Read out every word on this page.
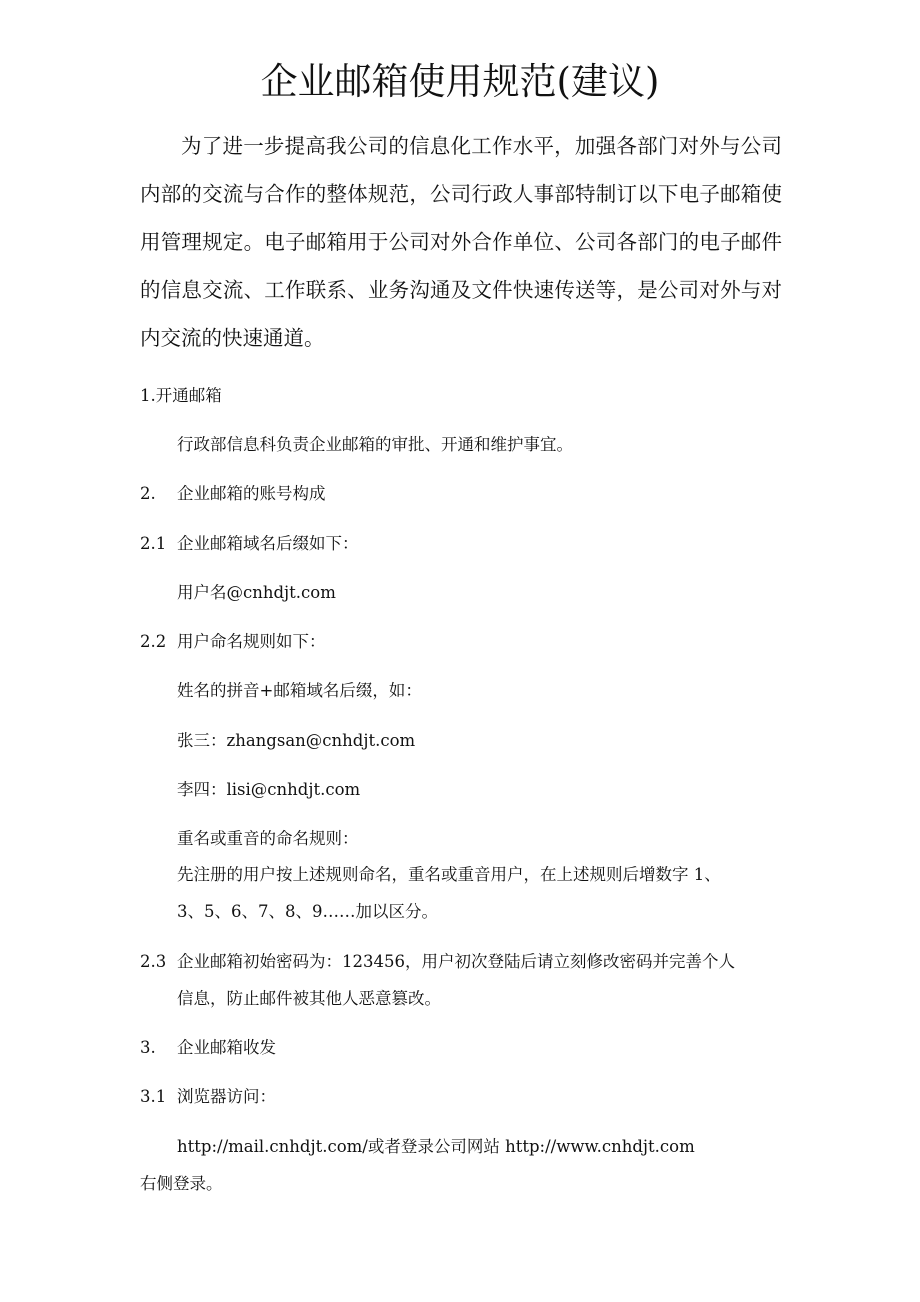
企业邮箱使用规范(建议)

为了进一步提高我公司的信息化工作水平，加强各部门对外与公司内部的交流与合作的整体规范，公司行政人事部特制订以下电子邮箱使用管理规定。电子邮箱用于公司对外合作单位、公司各部门的电子邮件的信息交流、工作联系、业务沟通及文件快速传送等，是公司对外与对内交流的快速通道。

1.开通邮箱

行政部信息科负责企业邮箱的审批、开通和维护事宜。

2. 企业邮箱的账号构成

2.1 企业邮箱域名后缀如下：

用户名@cnhdjt.com

2.2 用户命名规则如下：

姓名的拼音+邮箱域名后缀，如：

张三：zhangsan@cnhdjt.com

李四：lisi@cnhdjt.com

重名或重音的命名规则：

先注册的用户按上述规则命名，重名或重音用户，在上述规则后增数字 1、

3、5、6、7、8、9……加以区分。

2.3 企业邮箱初始密码为：123456，用户初次登陆后请立刻修改密码并完善个人

信息，防止邮件被其他人恶意篡改。

3. 企业邮箱收发

3.1 浏览器访问：

http://mail.cnhdjt.com/或者登录公司网站 http://www.cnhdjt.com

右侧登录。
